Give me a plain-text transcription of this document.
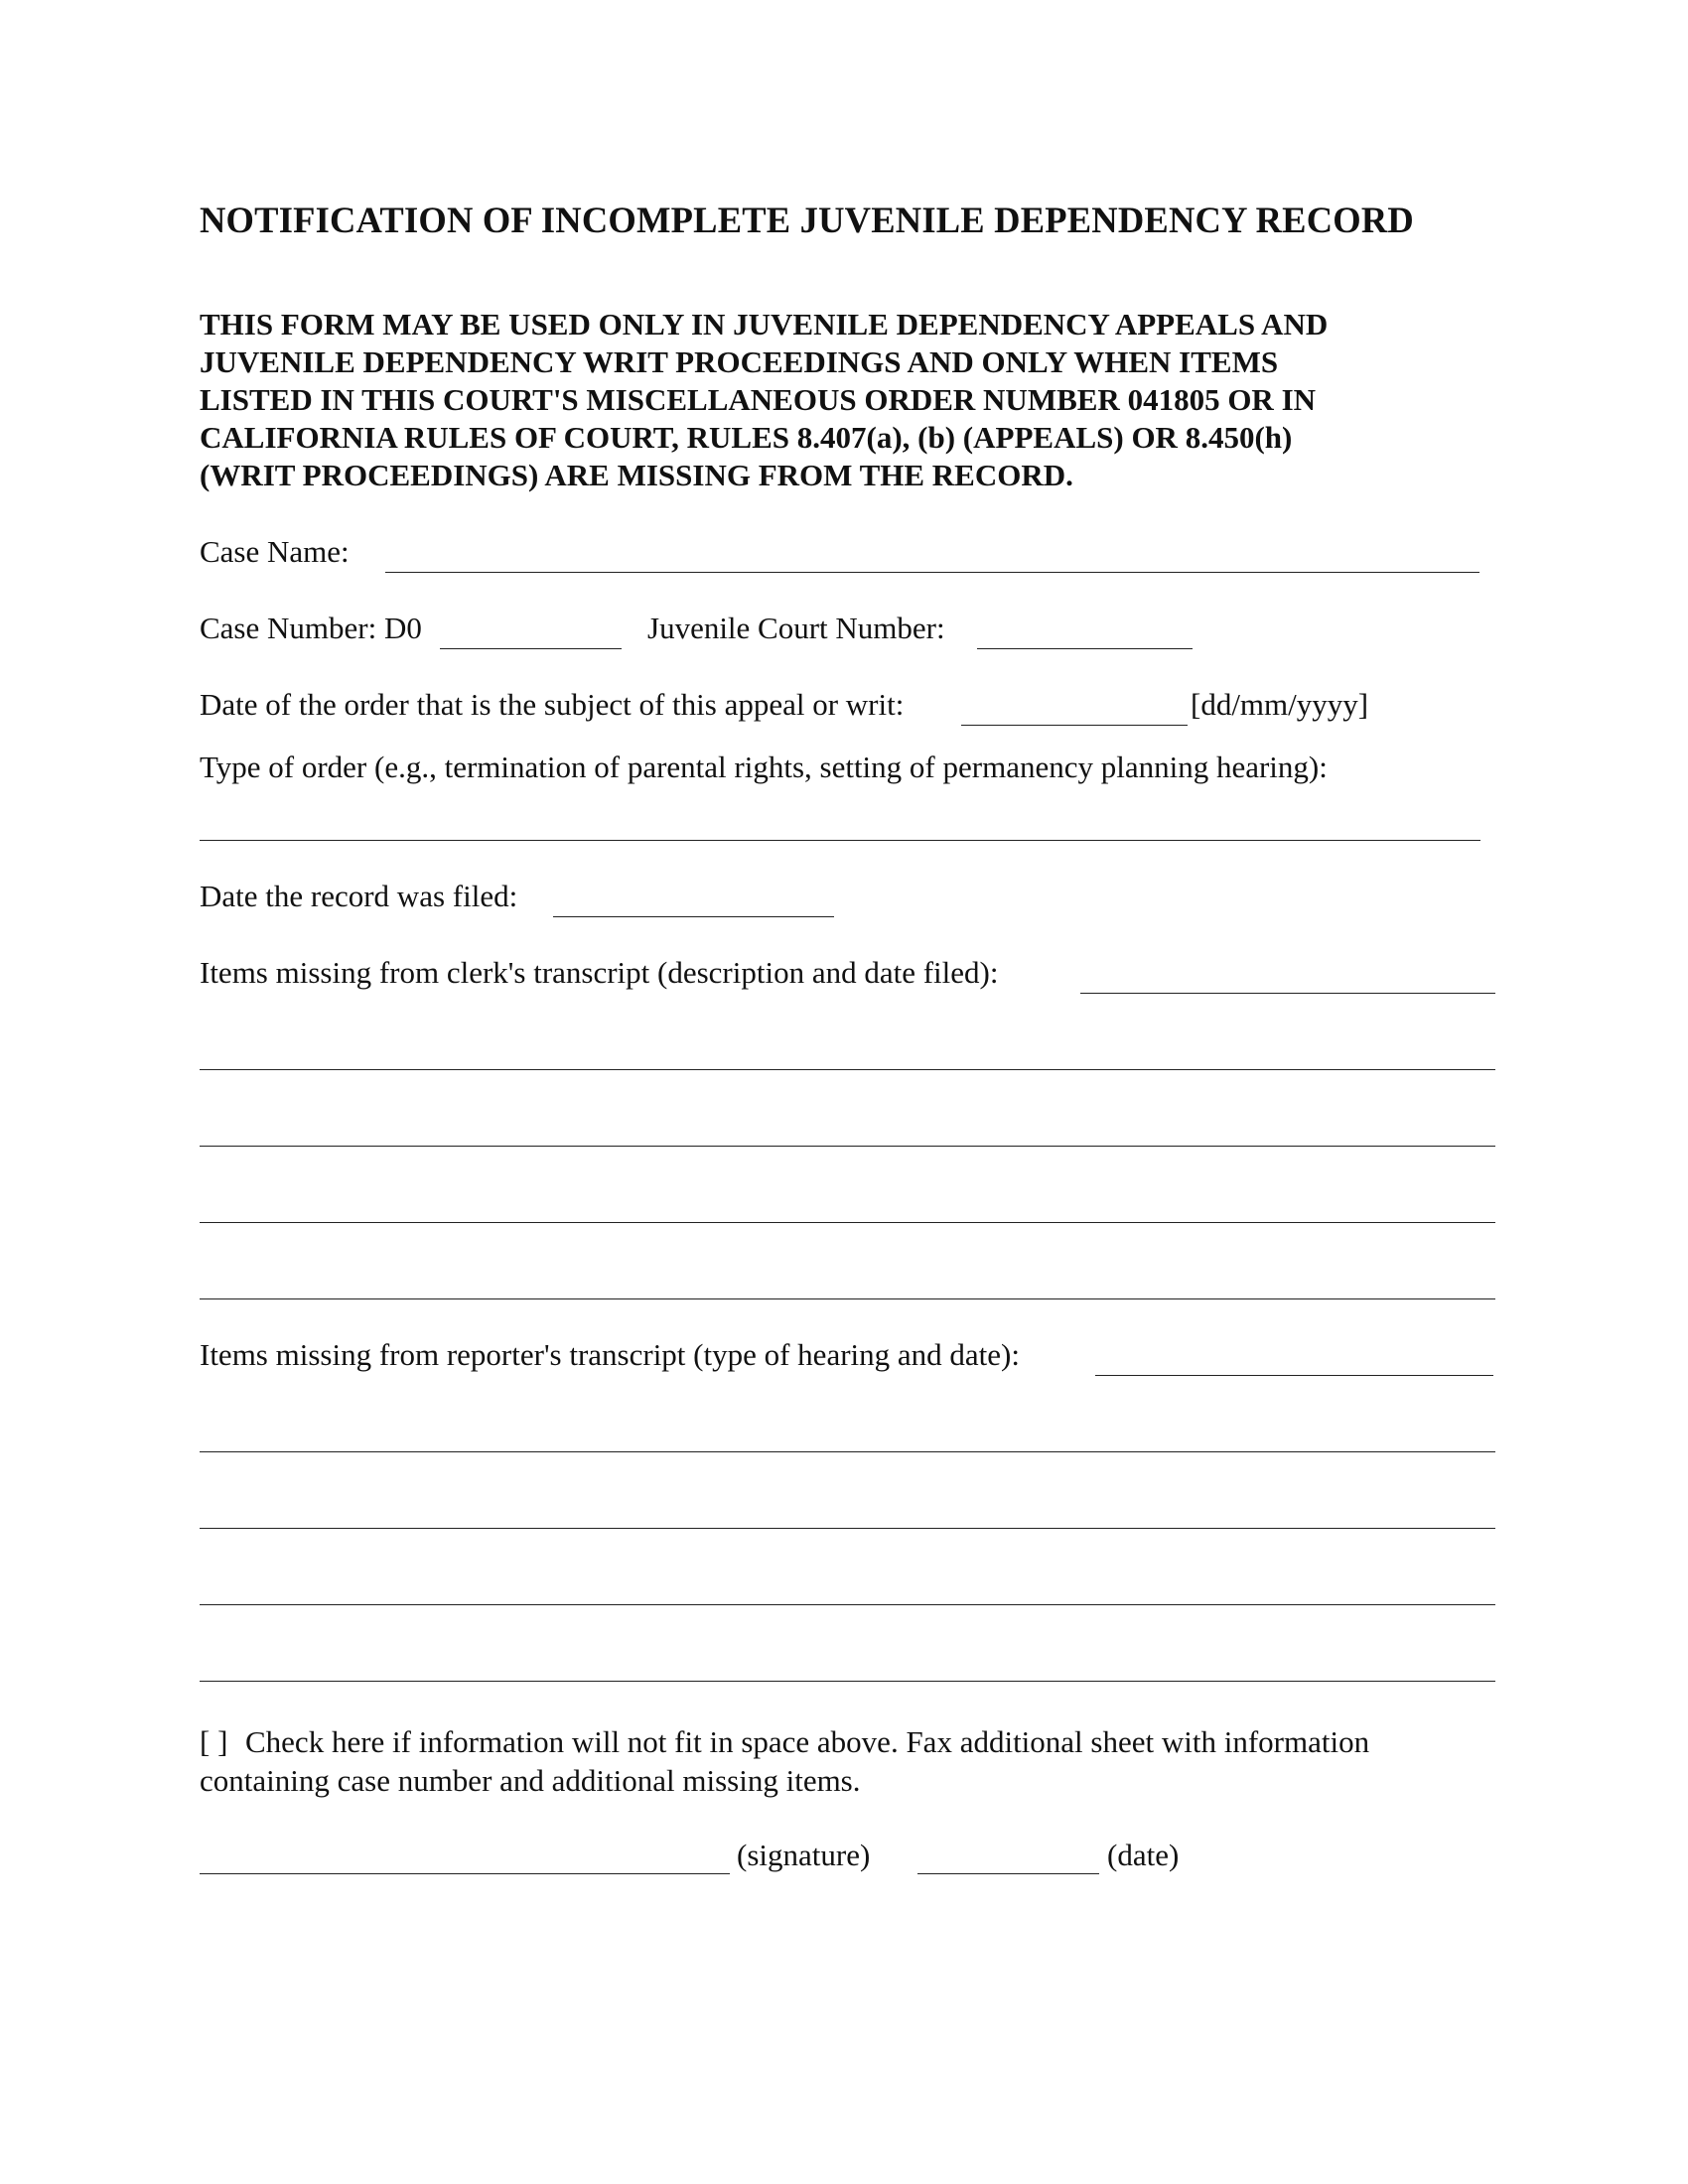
NOTIFICATION OF INCOMPLETE JUVENILE DEPENDENCY RECORD
THIS FORM MAY BE USED ONLY IN JUVENILE DEPENDENCY APPEALS AND
JUVENILE DEPENDENCY WRIT PROCEEDINGS AND ONLY WHEN ITEMS
LISTED IN THIS COURT'S MISCELLANEOUS ORDER NUMBER 041805 OR IN
CALIFORNIA RULES OF COURT, RULES 8.407(a), (b) (APPEALS) OR 8.450(h)
(WRIT PROCEEDINGS) ARE MISSING FROM THE RECORD.
Case Name:
Case Number: D0	Juvenile Court Number:
Date of the order that is the subject of this appeal or writ:	[dd/mm/yyyy]
Type of order (e.g., termination of parental rights, setting of permanency planning hearing):
Date the record was filed:
Items missing from clerk's transcript (description and date filed):
Items missing from reporter's transcript (type of hearing and date):
[ ] Check here if information will not fit in space above. Fax additional sheet with information
containing case number and additional missing items.
(signature)	(date)
